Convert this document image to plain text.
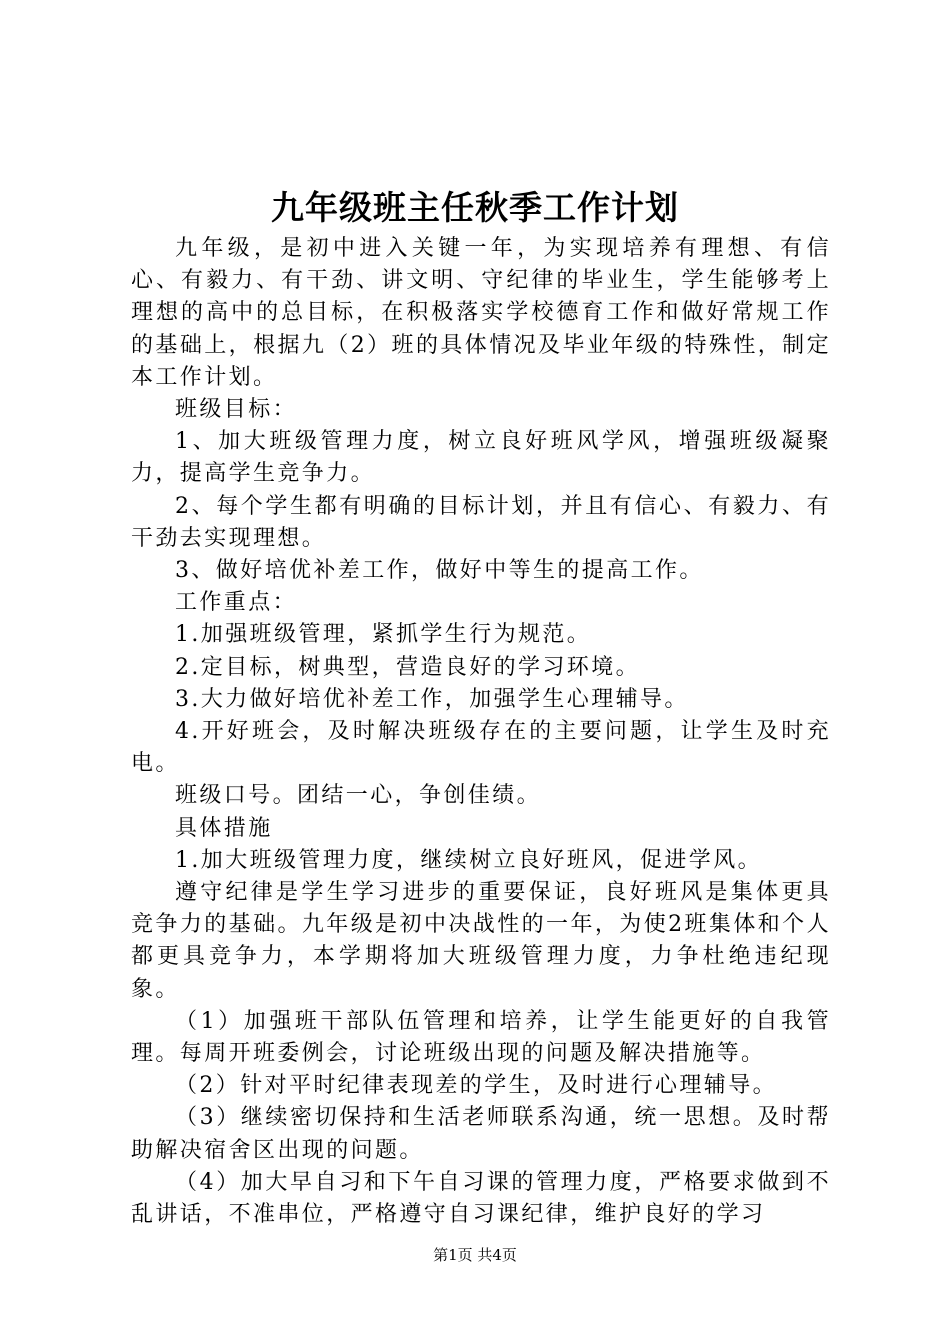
九年级班主任秋季工作计划

九年级，是初中进入关键一年，为实现培养有理想、有信心、有毅力、有干劲、讲文明、守纪律的毕业生，学生能够考上理想的高中的总目标，在积极落实学校德育工作和做好常规工作的基础上，根据九（2）班的具体情况及毕业年级的特殊性，制定本工作计划。

班级目标：

1、加大班级管理力度，树立良好班风学风，增强班级凝聚力，提高学生竞争力。

2、每个学生都有明确的目标计划，并且有信心、有毅力、有干劲去实现理想。

3、做好培优补差工作，做好中等生的提高工作。

工作重点：

1.加强班级管理，紧抓学生行为规范。

2.定目标，树典型，营造良好的学习环境。

3.大力做好培优补差工作，加强学生心理辅导。

4.开好班会，及时解决班级存在的主要问题，让学生及时充电。

班级口号。团结一心，争创佳绩。

具体措施

1.加大班级管理力度，继续树立良好班风，促进学风。

遵守纪律是学生学习进步的重要保证，良好班风是集体更具竞争力的基础。九年级是初中决战性的一年，为使2班集体和个人都更具竞争力，本学期将加大班级管理力度，力争杜绝违纪现象。

（1）加强班干部队伍管理和培养，让学生能更好的自我管理。每周开班委例会，讨论班级出现的问题及解决措施等。

（2）针对平时纪律表现差的学生，及时进行心理辅导。

（3）继续密切保持和生活老师联系沟通，统一思想。及时帮助解决宿舍区出现的问题。

（4）加大早自习和下午自习课的管理力度，严格要求做到不乱讲话，不准串位，严格遵守自习课纪律，维护良好的学习

第1页 共4页
